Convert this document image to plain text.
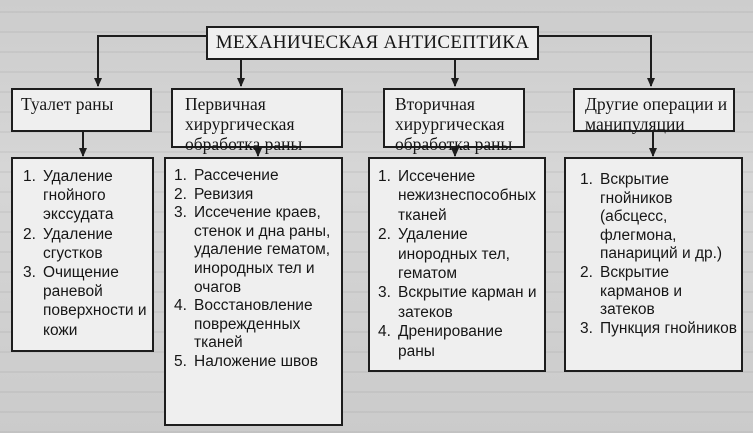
МЕХАНИЧЕСКАЯ АНТИСЕПТИКА
Туалет раны
1. Удаление гнойного экссудата
2. Удаление сгустков
3. Очищение раневой поверхности и кожи
Первичная хирургическая обработка раны
1. Рассечение
2. Ревизия
3. Иссечение краев, стенок и дна раны, удаление гематом, инородных тел и очагов
4. Восстановление поврежденных тканей
5. Наложение швов
Вторичная хирургическая обработка раны
1. Иссечение нежизнеспособных тканей
2. Удаление инородных тел, гематом
3. Вскрытие карман и затеков
4. Дренирование раны
Другие операции и манипуляции
1. Вскрытие гнойников (абсцесс, флегмона, панариций и др.)
2. Вскрытие карманов и затеков
3. Пункция гнойников
